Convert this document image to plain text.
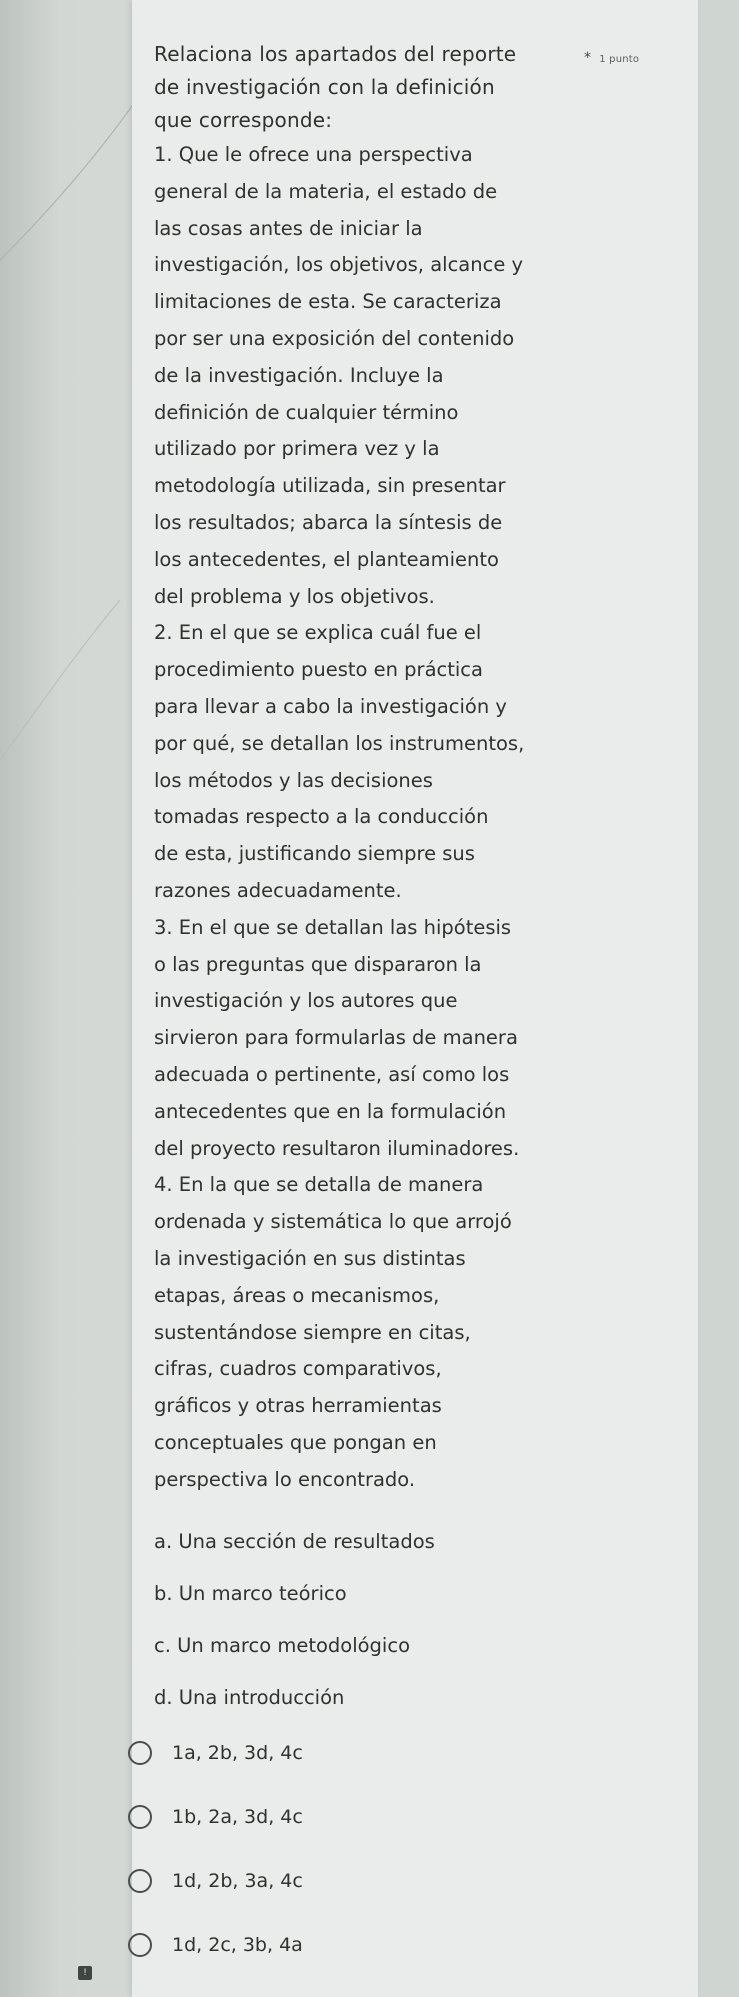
Relaciona los apartados del reporte
de investigación con la definición
que corresponde:
* 1 punto

1. Que le ofrece una perspectiva

general de la materia, el estado de

las cosas antes de iniciar la

investigación, los objetivos, alcance y

limitaciones de esta. Se caracteriza

por ser una exposición del contenido

de la investigación. Incluye la

definición de cualquier término

utilizado por primera vez y la

metodología utilizada, sin presentar

los resultados; abarca la síntesis de

los antecedentes, el planteamiento

del problema y los objetivos.

2. En el que se explica cuál fue el

procedimiento puesto en práctica

para llevar a cabo la investigación y

por qué, se detallan los instrumentos,

los métodos y las decisiones

tomadas respecto a la conducción

de esta, justificando siempre sus

razones adecuadamente.

3. En el que se detallan las hipótesis

o las preguntas que dispararon la

investigación y los autores que

sirvieron para formularlas de manera

adecuada o pertinente, así como los

antecedentes que en la formulación

del proyecto resultaron iluminadores.

4. En la que se detalla de manera

ordenada y sistemática lo que arrojó

la investigación en sus distintas

etapas, áreas o mecanismos,

sustentándose siempre en citas,

cifras, cuadros comparativos,

gráficos y otras herramientas

conceptuales que pongan en

perspectiva lo encontrado.

a. Una sección de resultados

b. Un marco teórico

c. Un marco metodológico

d. Una introducción

1a, 2b, 3d, 4c
1b, 2a, 3d, 4c
1d, 2b, 3a, 4c
1d, 2c, 3b, 4a
!
